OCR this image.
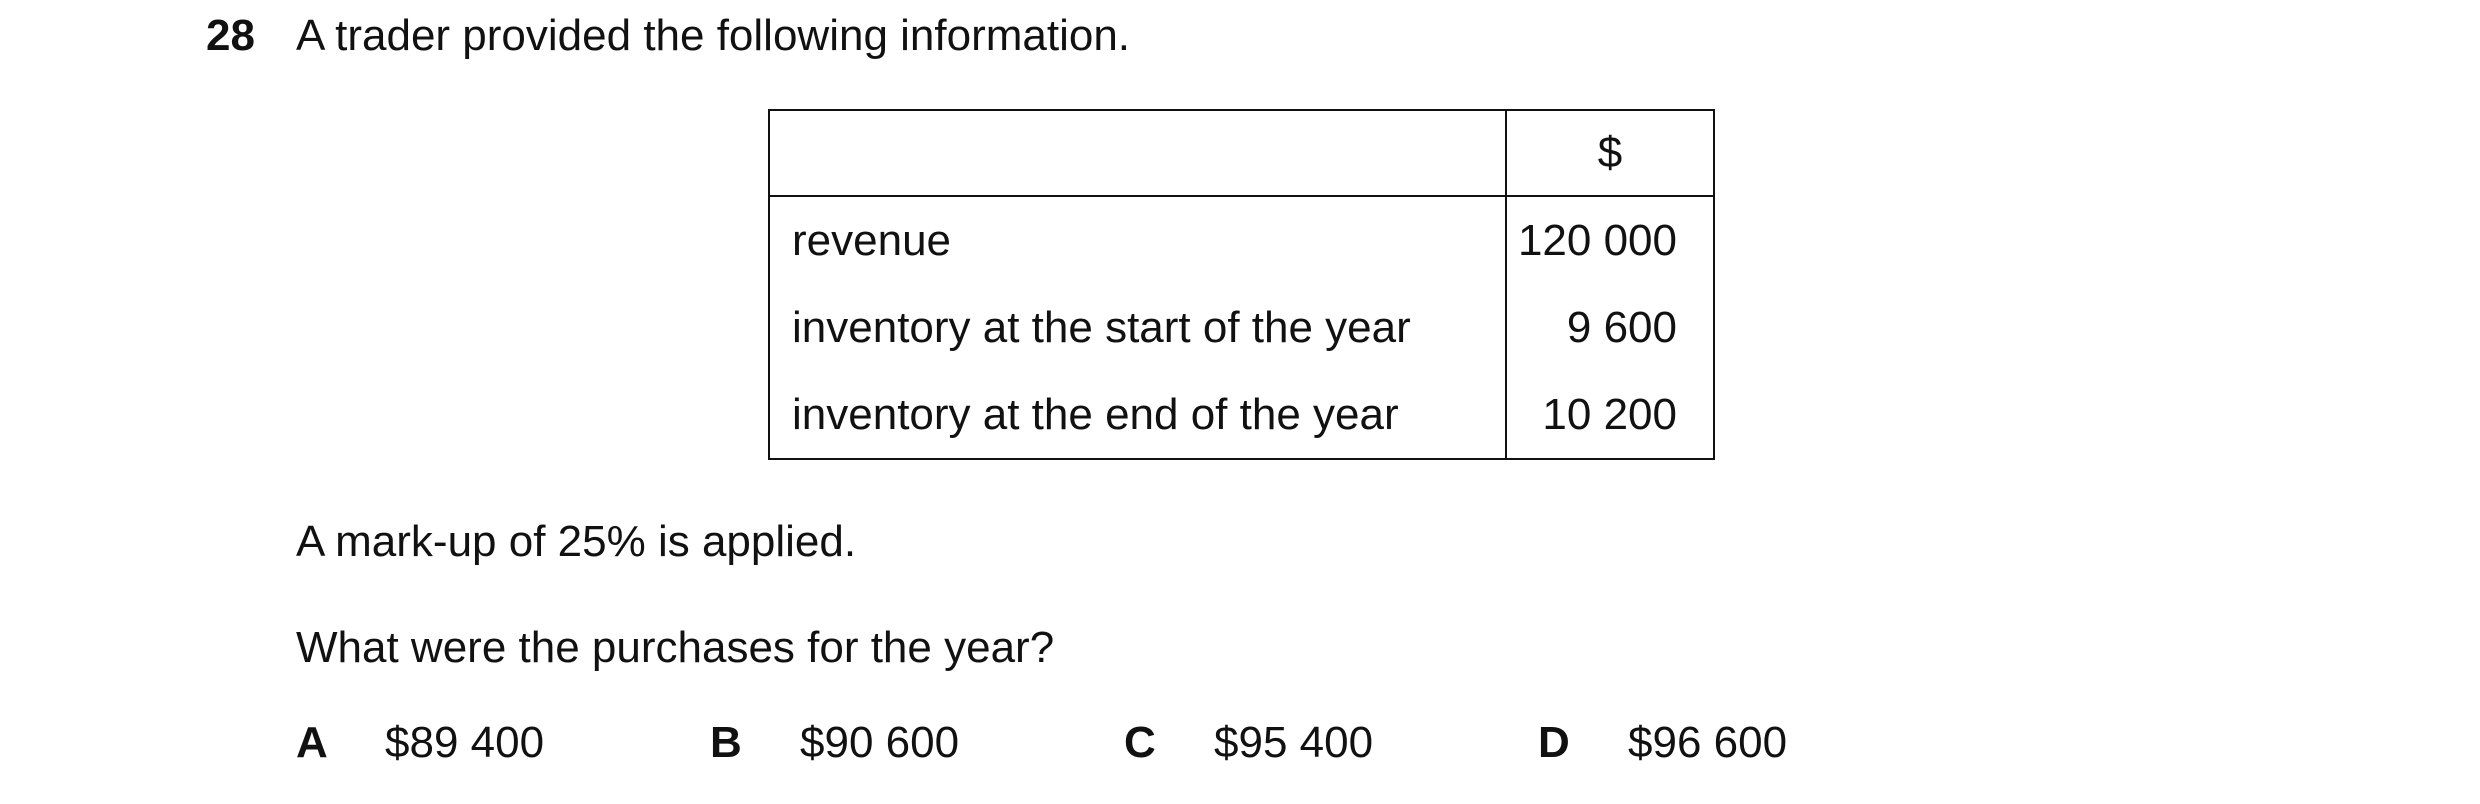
28 A trader provided the following information.
	$
revenue	120 000
inventory at the start of the year	9 600
inventory at the end of the year	10 200
A mark-up of 25% is applied.
What were the purchases for the year?
A $89 400	B $90 600	C $95 400	D $96 600
